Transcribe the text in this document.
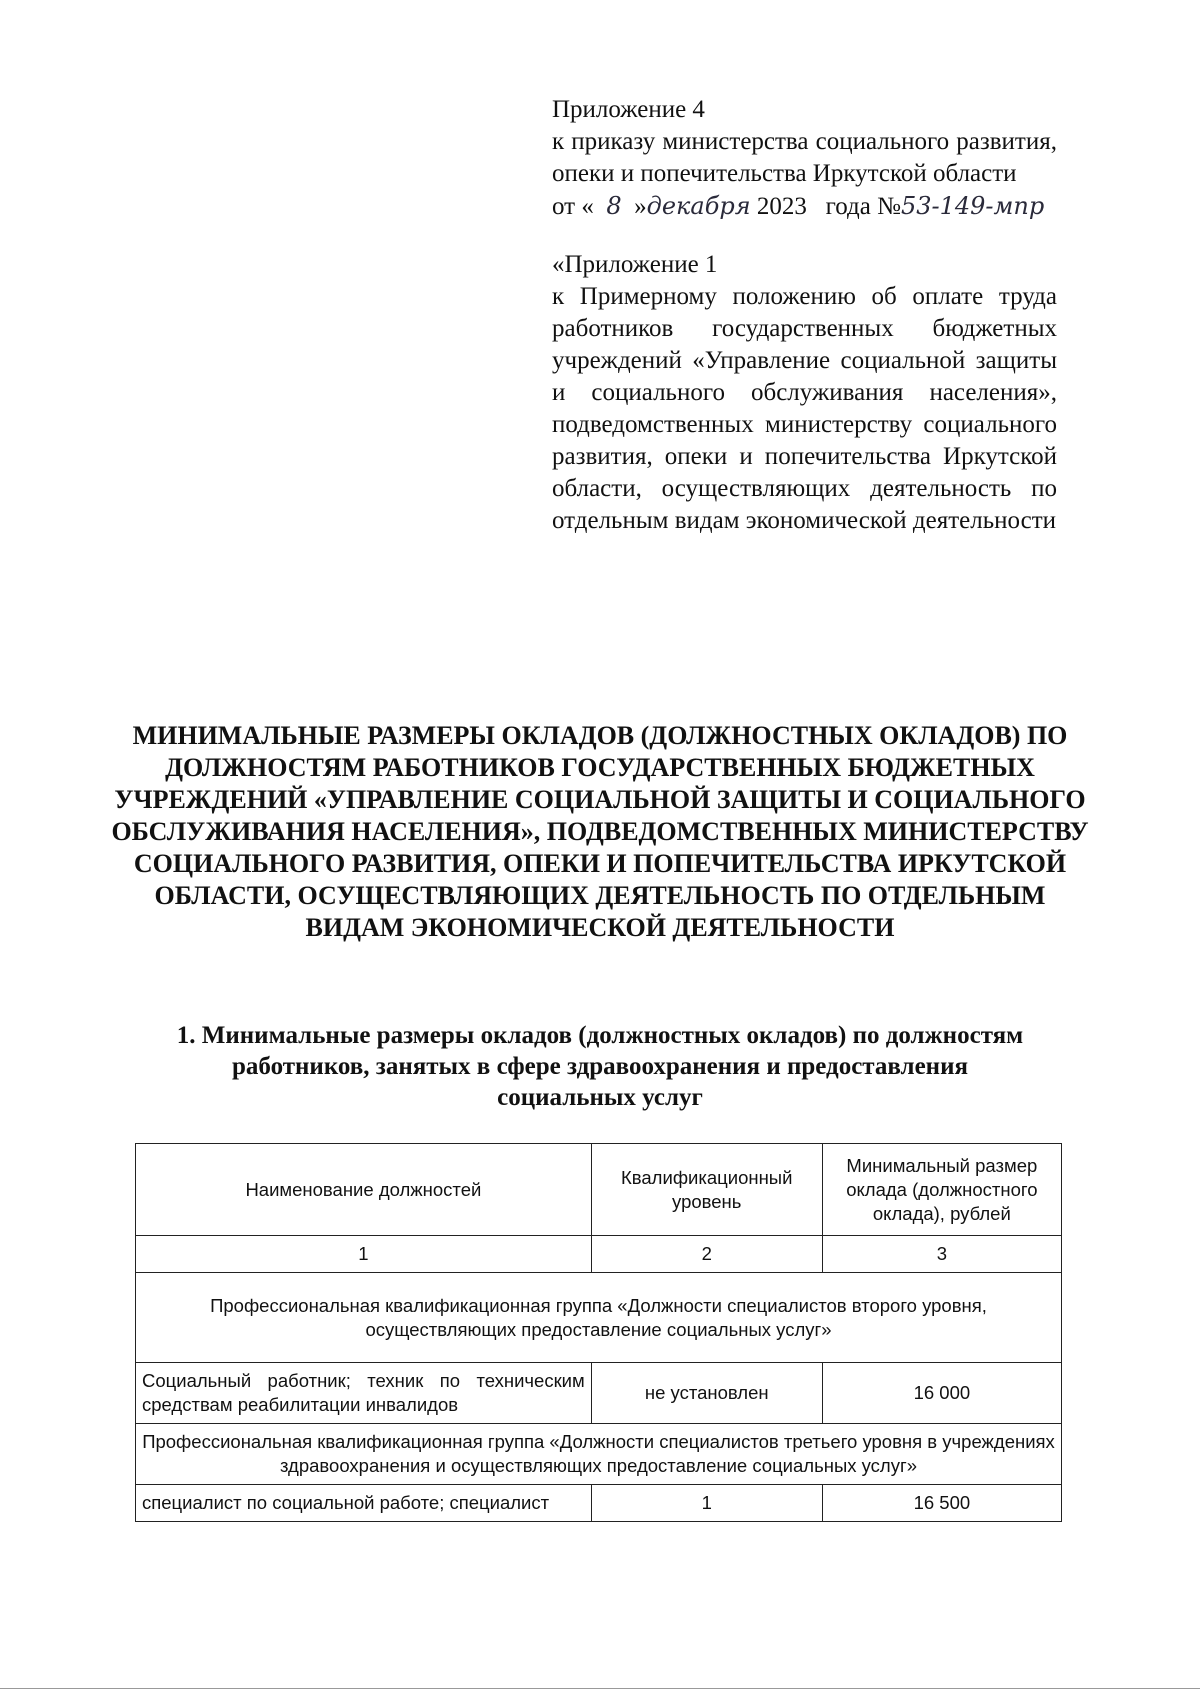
Приложение 4

к приказу министерства социального развития, опеки и попечительства Иркутской области

от « 8 »декабря 2023 года №53-149-мпр

«Приложение 1

к Примерному положению об оплате труда работников государственных бюджетных учреждений «Управление социальной защиты и социального обслуживания населения», подведомственных министерству социального развития, опеки и попечительства Иркутской области, осуществляющих деятельность по отдельным видам экономической деятельности

МИНИМАЛЬНЫЕ РАЗМЕРЫ ОКЛАДОВ (ДОЛЖНОСТНЫХ ОКЛАДОВ) ПО ДОЛЖНОСТЯМ РАБОТНИКОВ ГОСУДАРСТВЕННЫХ БЮДЖЕТНЫХ УЧРЕЖДЕНИЙ «УПРАВЛЕНИЕ СОЦИАЛЬНОЙ ЗАЩИТЫ И СОЦИАЛЬНОГО ОБСЛУЖИВАНИЯ НАСЕЛЕНИЯ», ПОДВЕДОМСТВЕННЫХ МИНИСТЕРСТВУ СОЦИАЛЬНОГО РАЗВИТИЯ, ОПЕКИ И ПОПЕЧИТЕЛЬСТВА ИРКУТСКОЙ ОБЛАСТИ, ОСУЩЕСТВЛЯЮЩИХ ДЕЯТЕЛЬНОСТЬ ПО ОТДЕЛЬНЫМ ВИДАМ ЭКОНОМИЧЕСКОЙ ДЕЯТЕЛЬНОСТИ
1. Минимальные размеры окладов (должностных окладов) по должностям работников, занятых в сфере здравоохранения и предоставления социальных услуг
Наименование должностей	Квалификационный уровень	Минимальный размер оклада (должностного оклада), рублей
1	2	3
Профессиональная квалификационная группа «Должности специалистов второго уровня, осуществляющих предоставление социальных услуг»		
Социальный работник; техник по техническим средствам реабилитации инвалидов	не установлен	16 000
Профессиональная квалификационная группа «Должности специалистов третьего уровня в учреждениях здравоохранения и осуществляющих предоставление социальных услуг»		
специалист по социальной работе; специалист	1	16 500
